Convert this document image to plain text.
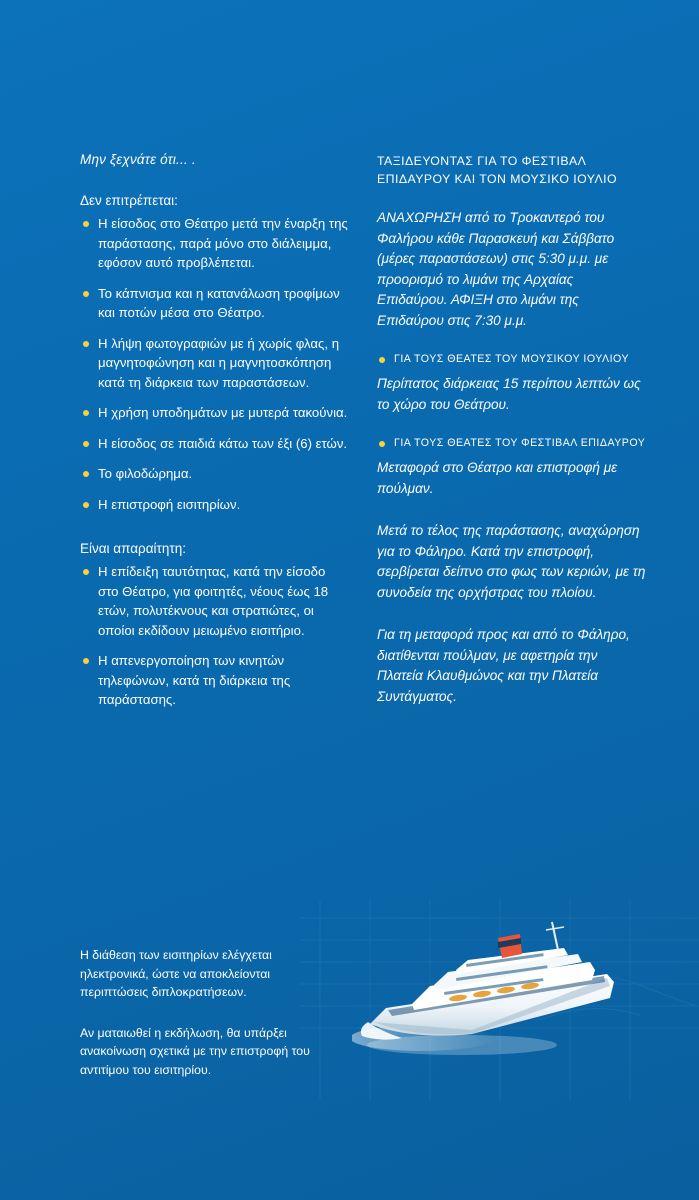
Μην ξεχνάτε ότι... .

Δεν επιτρέπεται:

Η είσοδος στο Θέατρο μετά την έναρξη της παράστασης, παρά μόνο στο διάλειμμα, εφόσον αυτό προβλέπεται.
Το κάπνισμα και η κατανάλωση τροφίμων και ποτών μέσα στο Θέατρο.
Η λήψη φωτογραφιών με ή χωρίς φλας, η μαγνητοφώνηση και η μαγνητοσκόπηση κατά τη διάρκεια των παραστάσεων.
Η χρήση υποδημάτων με μυτερά τακούνια.
Η είσοδος σε παιδιά κάτω των έξι (6) ετών.
Το φιλοδώρημα.
Η επιστροφή εισιτηρίων.

Είναι απαραίτητη:

Η επίδειξη ταυτότητας, κατά την είσοδο στο Θέατρο, για φοιτητές, νέους έως 18 ετών, πολυτέκνους και στρατιώτες, οι οποίοι εκδίδουν μειωμένο εισιτήριο.
Η απενεργοποίηση των κινητών τηλεφώνων, κατά τη διάρκεια της παράστασης.

ΤΑΞΙΔΕΥΟΝΤΑΣ ΓΙΑ ΤΟ ΦΕΣΤΙΒΑΛ ΕΠΙΔΑΥΡΟΥ ΚΑΙ ΤΟΝ ΜΟΥΣΙΚΟ ΙΟΥΛΙΟ

ΑΝΑΧΩΡΗΣΗ από το Τροκαντερό του Φαλήρου κάθε Παρασκευή και Σάββατο (μέρες παραστάσεων) στις 5:30 μ.μ. με προορισμό το λιμάνι της Αρχαίας Επιδαύρου. ΑΦΙΞΗ στο λιμάνι της Επιδαύρου στις 7:30 μ.μ.

ΓΙΑ ΤΟΥΣ ΘΕΑΤΕΣ ΤΟΥ ΜΟΥΣΙΚΟΥ ΙΟΥΛΙΟΥ

Περίπατος διάρκειας 15 περίπου λεπτών ως το χώρο του Θεάτρου.

ΓΙΑ ΤΟΥΣ ΘΕΑΤΕΣ ΤΟΥ ΦΕΣΤΙΒΑΛ ΕΠΙΔΑΥΡΟΥ

Μεταφορά στο Θέατρο και επιστροφή με πούλμαν.

Μετά το τέλος της παράστασης, αναχώρηση για το Φάληρο. Κατά την επιστροφή, σερβίρεται δείπνο στο φως των κεριών, με τη συνοδεία της ορχήστρας του πλοίου.

Για τη μεταφορά προς και από το Φάληρο, διατίθενται πούλμαν, με αφετηρία την Πλατεία Κλαυθμώνος και την Πλατεία Συντάγματος.

Η διάθεση των εισιτηρίων ελέγχεται ηλεκτρονικά, ώστε να αποκλείονται περιπτώσεις διπλοκρατήσεων.

Αν ματαιωθεί η εκδήλωση, θα υπάρξει ανακοίνωση σχετικά με την επιστροφή του αντιτίμου του εισιτηρίου.
